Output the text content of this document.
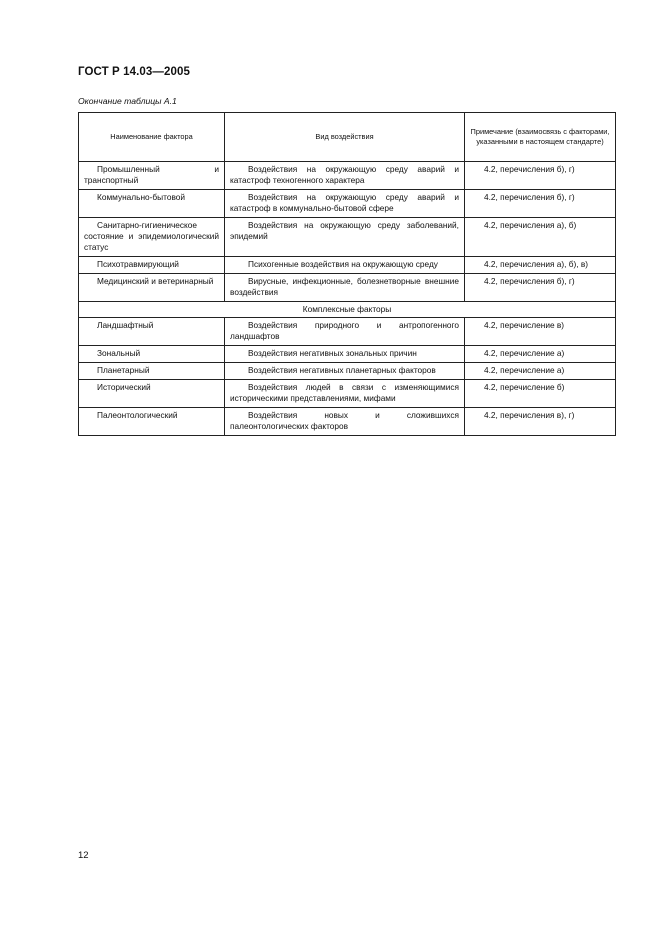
ГОСТ Р 14.03—2005
Окончание таблицы А.1
Наименование фактора	Вид воздействия	Примечание (взаимосвязь с факторами, указанными в настоящем стандарте)
Промышленный и транспортный	Воздействия на окружающую среду аварий и катастроф техногенного характера	4.2, перечисления б), г)
Коммунально-бытовой	Воздействия на окружающую среду аварий и катастроф в коммунально-бытовой сфере	4.2, перечисления б), г)
Санитарно-гигиеническое состояние и эпидемиологический статус	Воздействия на окружающую среду заболеваний, эпидемий	4.2, перечисления а), б)
Психотравмирующий	Психогенные воздействия на окружающую среду	4.2, перечисления а), б), в)
Медицинский и ветеринарный	Вирусные, инфекционные, болезнетворные внешние воздействия	4.2, перечисления б), г)
Комплексные факторы		
Ландшафтный	Воздействия природного и антропогенного ландшафтов	4.2, перечисление в)
Зональный	Воздействия негативных зональных причин	4.2, перечисление а)
Планетарный	Воздействия негативных планетарных факторов	4.2, перечисление а)
Исторический	Воздействия людей в связи с изменяющимися историческими представлениями, мифами	4.2, перечисление б)
Палеонтологический	Воздействия новых и сложившихся палеонтологических факторов	4.2, перечисления в), г)
12
